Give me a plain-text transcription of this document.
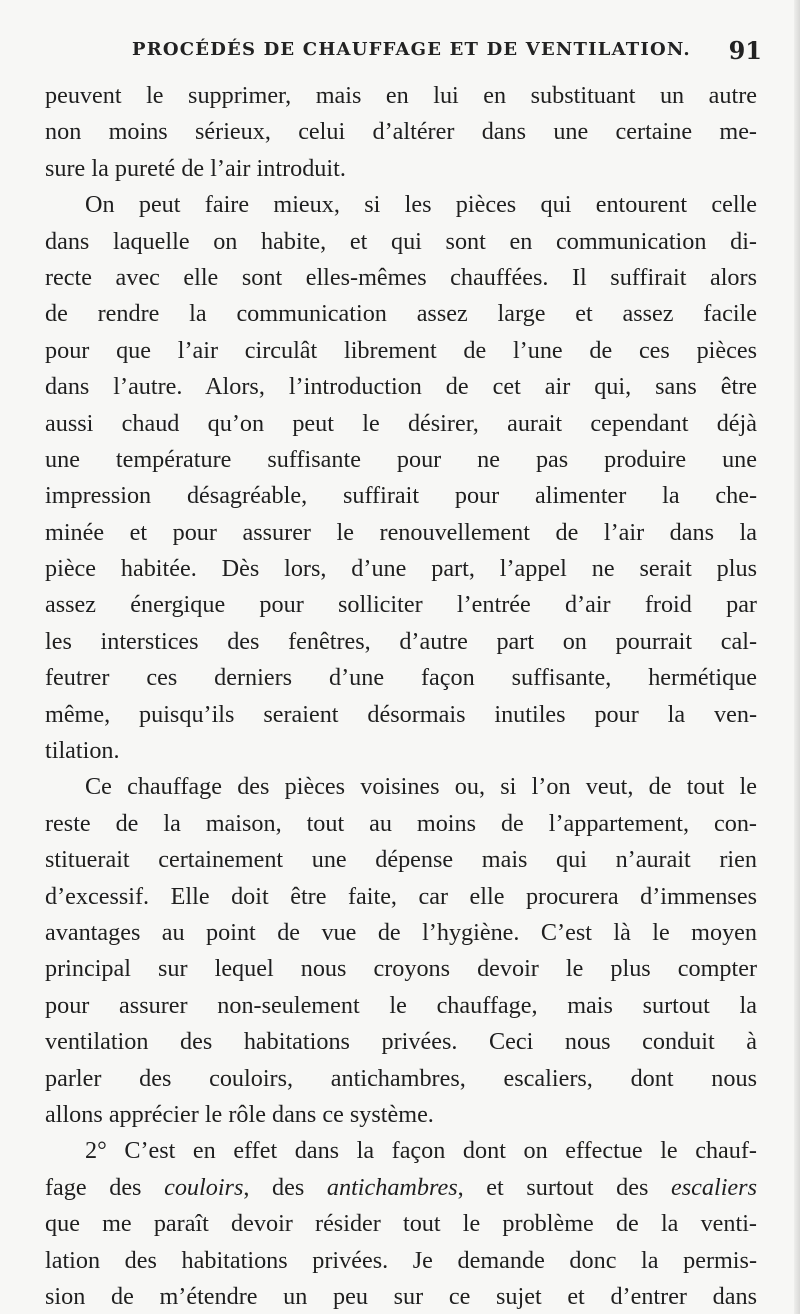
PROCÉDÉS DE CHAUFFAGE ET DE VENTILATION. 91
peuvent le supprimer, mais en lui en substituant un autre
non moins sérieux, celui d’altérer dans une certaine me-
sure la pureté de l’air introduit.
On peut faire mieux, si les pièces qui entourent celle
dans laquelle on habite, et qui sont en communication di-
recte avec elle sont elles-mêmes chauffées. Il suffirait alors
de rendre la communication assez large et assez facile
pour que l’air circulât librement de l’une de ces pièces
dans l’autre. Alors, l’introduction de cet air qui, sans être
aussi chaud qu’on peut le désirer, aurait cependant déjà
une température suffisante pour ne pas produire une
impression désagréable, suffirait pour alimenter la che-
minée et pour assurer le renouvellement de l’air dans la
pièce habitée. Dès lors, d’une part, l’appel ne serait plus
assez énergique pour solliciter l’entrée d’air froid par
les interstices des fenêtres, d’autre part on pourrait cal-
feutrer ces derniers d’une façon suffisante, hermétique
même, puisqu’ils seraient désormais inutiles pour la ven-
tilation.
Ce chauffage des pièces voisines ou, si l’on veut, de tout le
reste de la maison, tout au moins de l’appartement, con-
stituerait certainement une dépense mais qui n’aurait rien
d’excessif. Elle doit être faite, car elle procurera d’immenses
avantages au point de vue de l’hygiène. C’est là le moyen
principal sur lequel nous croyons devoir le plus compter
pour assurer non-seulement le chauffage, mais surtout la
ventilation des habitations privées. Ceci nous conduit à
parler des couloirs, antichambres, escaliers, dont nous
allons apprécier le rôle dans ce système.
2° C’est en effet dans la façon dont on effectue le chauf-
fage des couloirs, des antichambres, et surtout des escaliers
que me paraît devoir résider tout le problème de la venti-
lation des habitations privées. Je demande donc la permis-
sion de m’étendre un peu sur ce sujet et d’entrer dans
